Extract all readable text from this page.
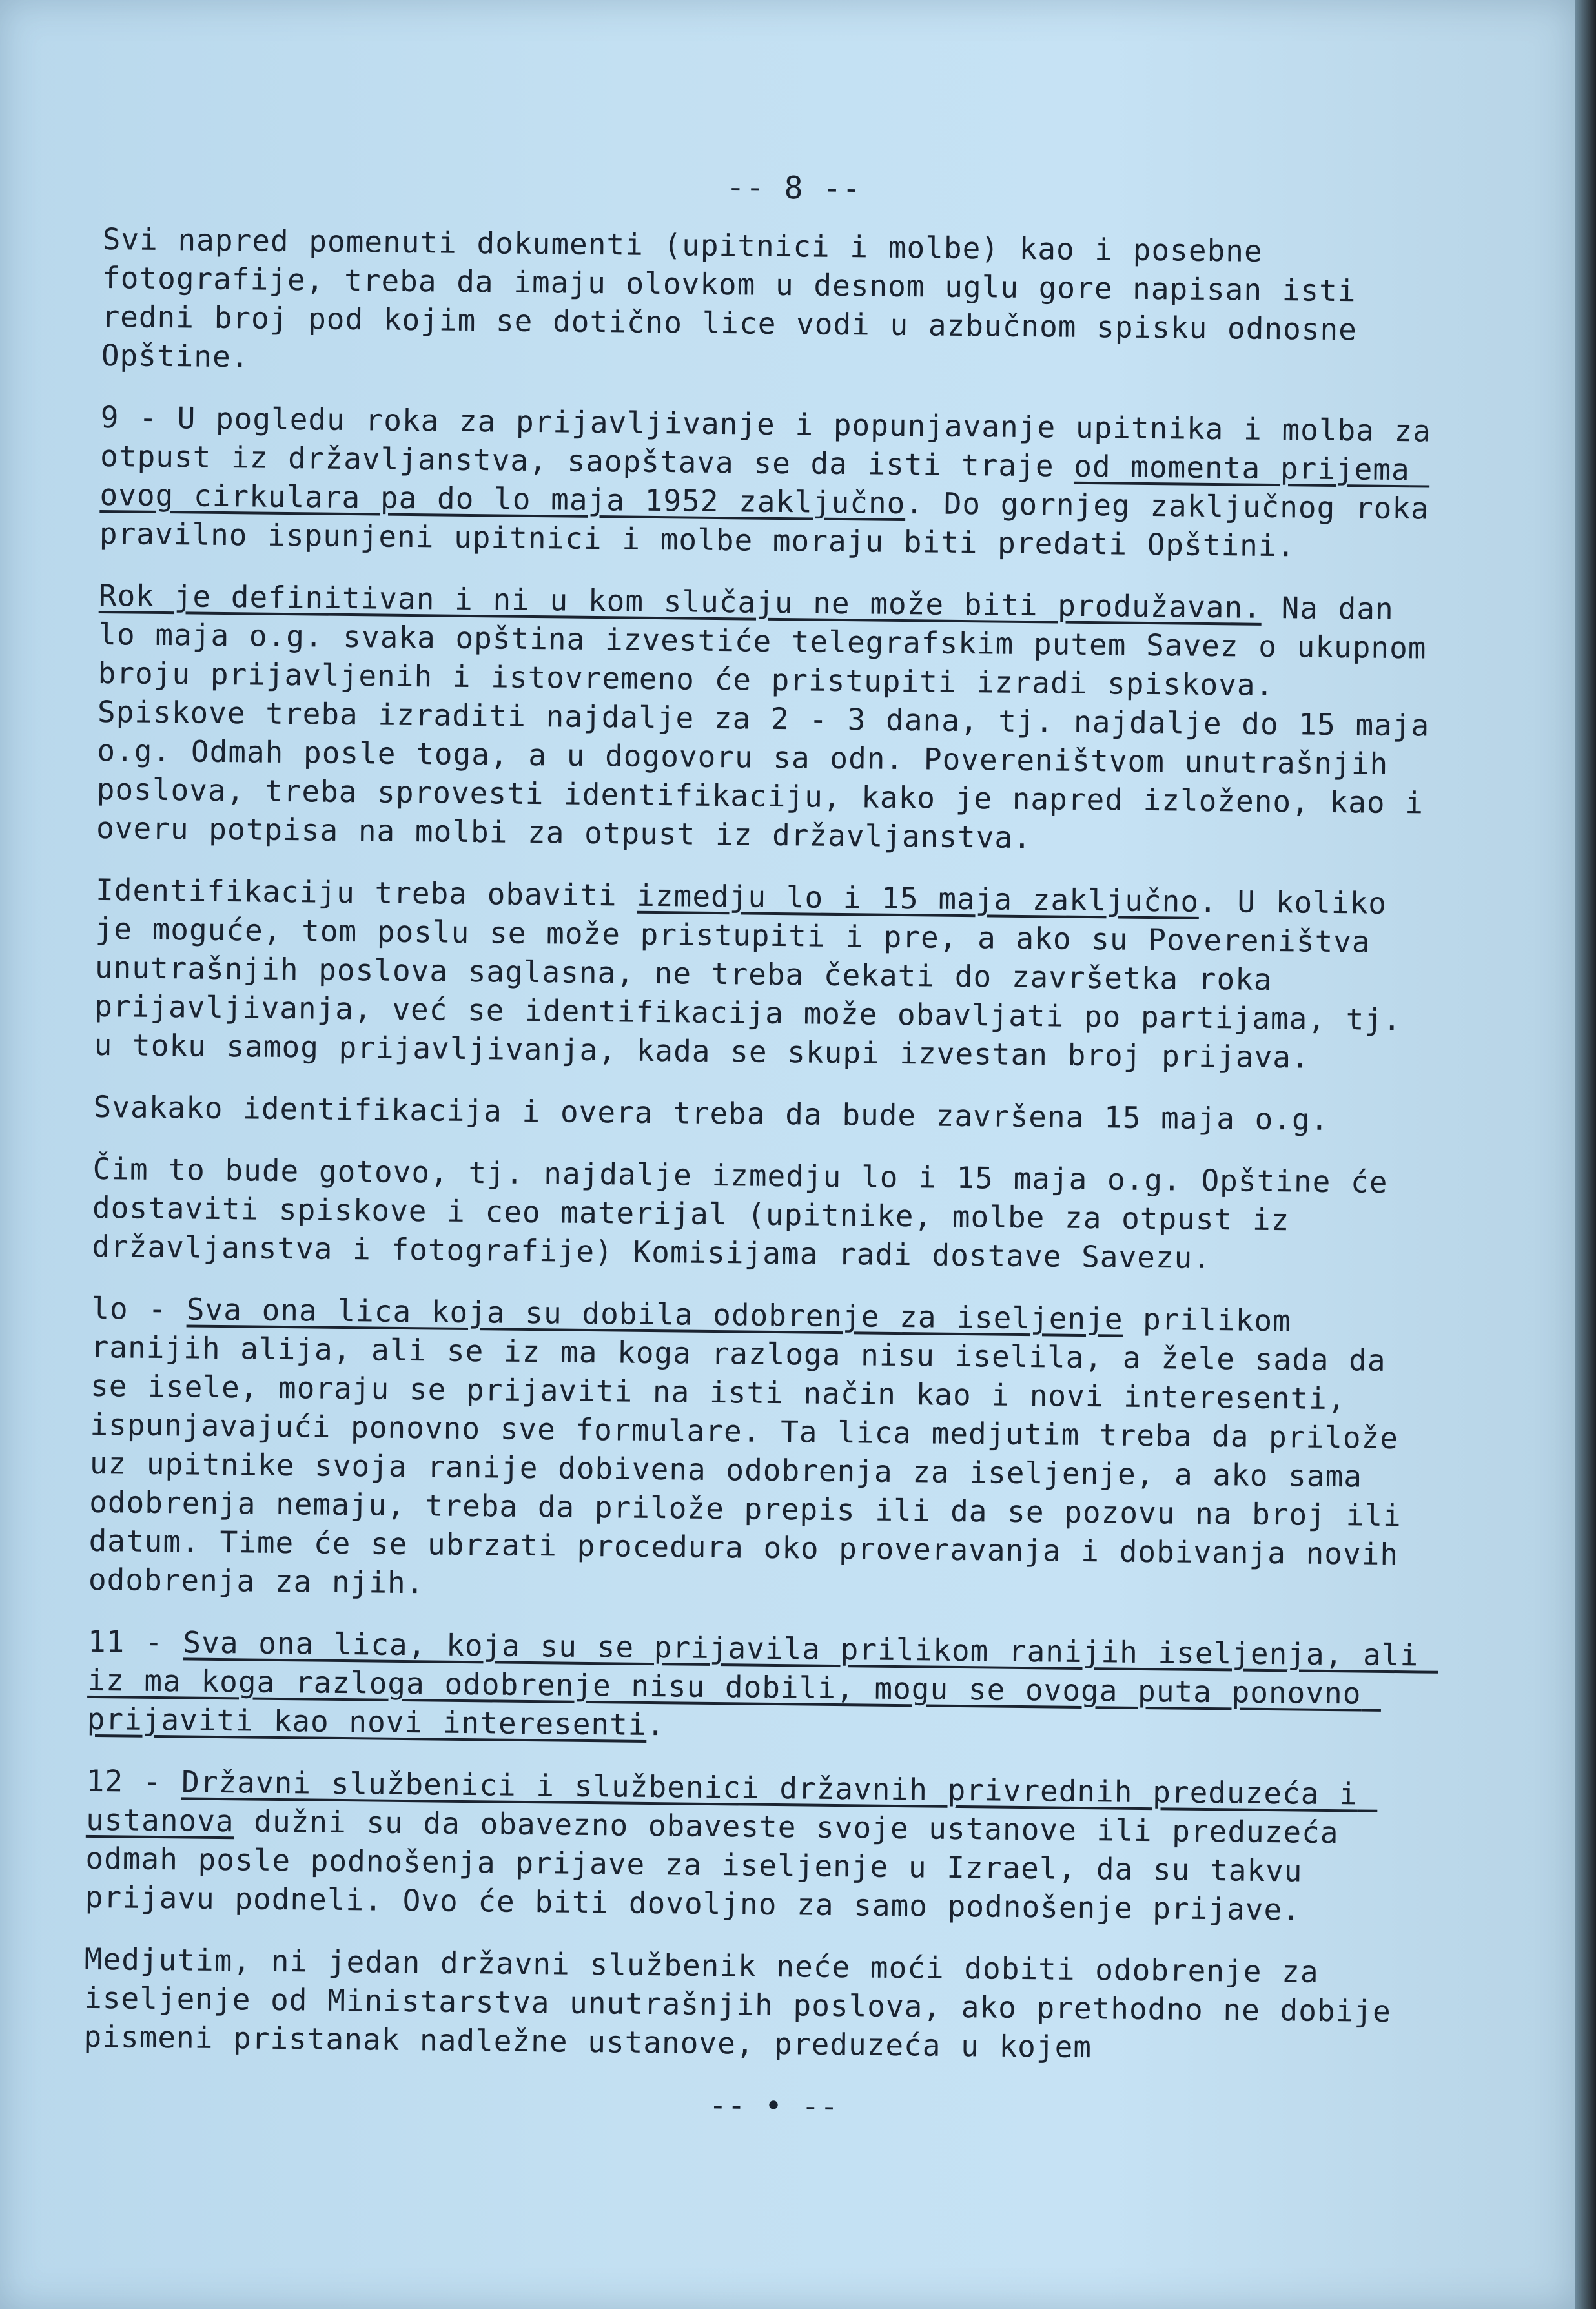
-- 8 --
Svi napred pomenuti dokumenti (upitnici i molbe) kao i posebne fotografije, treba da imaju olovkom u desnom uglu gore napisan isti redni broj pod kojim se dotično lice vodi u azbučnom spisku odnosne Opštine.
9 - U pogledu roka za prijavljivanje i popunjavanje upitnika i molba za otpust iz državljanstva, saopštava se da isti traje od momenta prijema ovog cirkulara pa do lo maja 1952 zaključno. Do gornjeg zaključnog roka pravilno ispunjeni upitnici i molbe moraju biti predati Opštini.
Rok je definitivan i ni u kom slučaju ne može biti produžavan. Na dan lo maja o.g. svaka opština izvestiće telegrafskim putem Savez o ukupnom broju prijavljenih i istovremeno će pristupiti izradi spiskova. Spiskove treba izraditi najdalje za 2 - 3 dana, tj. najdalje do 15 maja o.g. Odmah posle toga, a u dogovoru sa odn. Povereništvom unutrašnjih poslova, treba sprovesti identifikaciju, kako je napred izloženo, kao i overu potpisa na molbi za otpust iz državljanstva.
Identifikaciju treba obaviti izmedju lo i 15 maja zaključno. U koliko je moguće, tom poslu se može pristupiti i pre, a ako su Povereništva unutrašnjih poslova saglasna, ne treba čekati do završetka roka prijavljivanja, već se identifikacija može obavljati po partijama, tj. u toku samog prijavljivanja, kada se skupi izvestan broj prijava.
Svakako identifikacija i overa treba da bude završena 15 maja o.g.
Čim to bude gotovo, tj. najdalje izmedju lo i 15 maja o.g. Opštine će dostaviti spiskove i ceo materijal (upitnike, molbe za otpust iz državljanstva i fotografije) Komisijama radi dostave Savezu.
lo - Sva ona lica koja su dobila odobrenje za iseljenje prilikom ranijih alija, ali se iz ma koga razloga nisu iselila, a žele sada da se isele, moraju se prijaviti na isti način kao i novi interesenti, ispunjavajući ponovno sve formulare. Ta lica medjutim treba da prilože uz upitnike svoja ranije dobivena odobrenja za iseljenje, a ako sama odobrenja nemaju, treba da prilože prepis ili da se pozovu na broj ili datum. Time će se ubrzati procedura oko proveravanja i dobivanja novih odobrenja za njih.
11 - Sva ona lica, koja su se prijavila prilikom ranijih iseljenja, ali iz ma koga razloga odobrenje nisu dobili, mogu se ovoga puta ponovno prijaviti kao novi interesenti.
12 - Državni službenici i službenici državnih privrednih preduzeća i ustanova dužni su da obavezno obaveste svoje ustanove ili preduzeća odmah posle podnošenja prijave za iseljenje u Izrael, da su takvu prijavu podneli. Ovo će biti dovoljno za samo podnošenje prijave.
Medjutim, ni jedan državni službenik neće moći dobiti odobrenje za iseljenje od Ministarstva unutrašnjih poslova, ako prethodno ne dobije pismeni pristanak nadležne ustanove, preduzeća u kojem
-- • --
